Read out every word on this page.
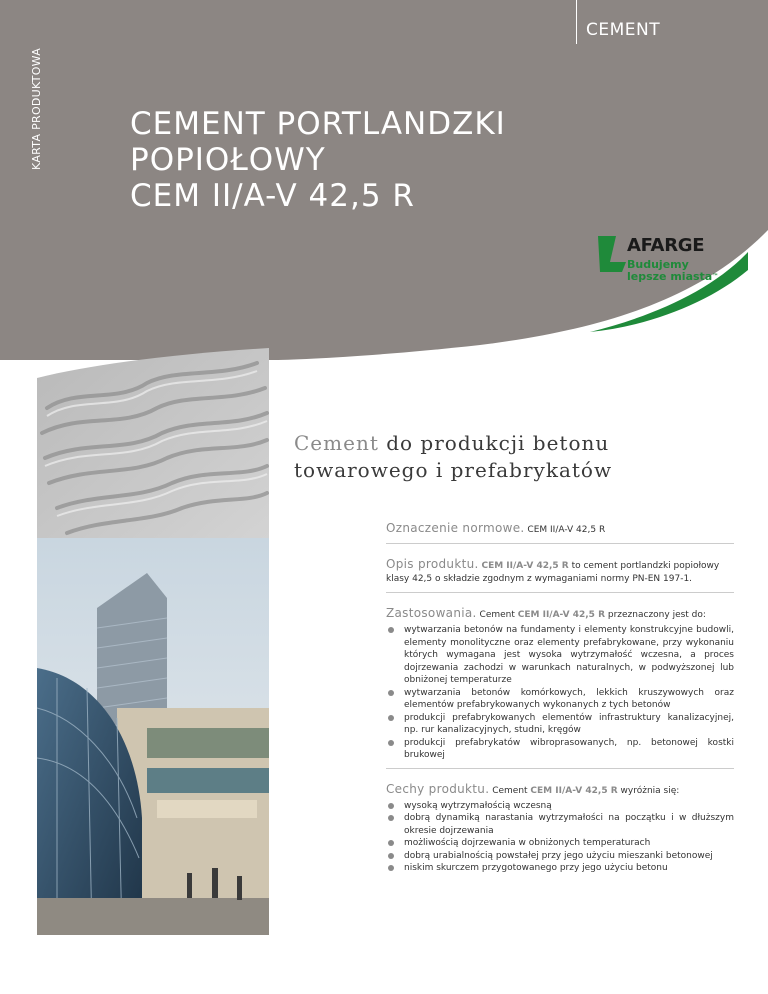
KARTA PRODUKTOWA
CEMENT
CEMENT PORTLANDZKI
POPIOŁOWY
CEM II/A-V 42,5 R
AFARGE
Budujemy
lepsze miasta™
Cement do produkcji betonu
towarowego i prefabrykatów
Oznaczenie normowe. CEM II/A-V 42,5 R
Opis produktu. CEM II/A-V 42,5 R to cement portlandzki popiołowy
klasy 42,5 o składzie zgodnym z wymaganiami normy PN-EN 197-1.
Zastosowania. Cement CEM II/A-V 42,5 R przeznaczony jest do:
wytwarzania betonów na fundamenty i elementy konstrukcyjne budowli, elementy monolityczne oraz elementy prefabrykowane, przy wykonaniu których wymagana jest wysoka wytrzymałość wczesna, a proces dojrzewania zachodzi w warunkach naturalnych, w podwyższonej lub obniżonej temperaturze
wytwarzania betonów komórkowych, lekkich kruszywowych oraz elementów prefabrykowanych wykonanych z tych betonów
produkcji prefabrykowanych elementów infrastruktury kanalizacyjnej, np. rur kanalizacyjnych, studni, kręgów
produkcji prefabrykatów wibroprasowanych, np. betonowej kostki brukowej
Cechy produktu. Cement CEM II/A-V 42,5 R wyróżnia się:
wysoką wytrzymałością wczesną
dobrą dynamiką narastania wytrzymałości na początku i w dłuższym okresie dojrzewania
możliwością dojrzewania w obniżonych temperaturach
dobrą urabialnością powstałej przy jego użyciu mieszanki betonowej
niskim skurczem przygotowanego przy jego użyciu betonu
